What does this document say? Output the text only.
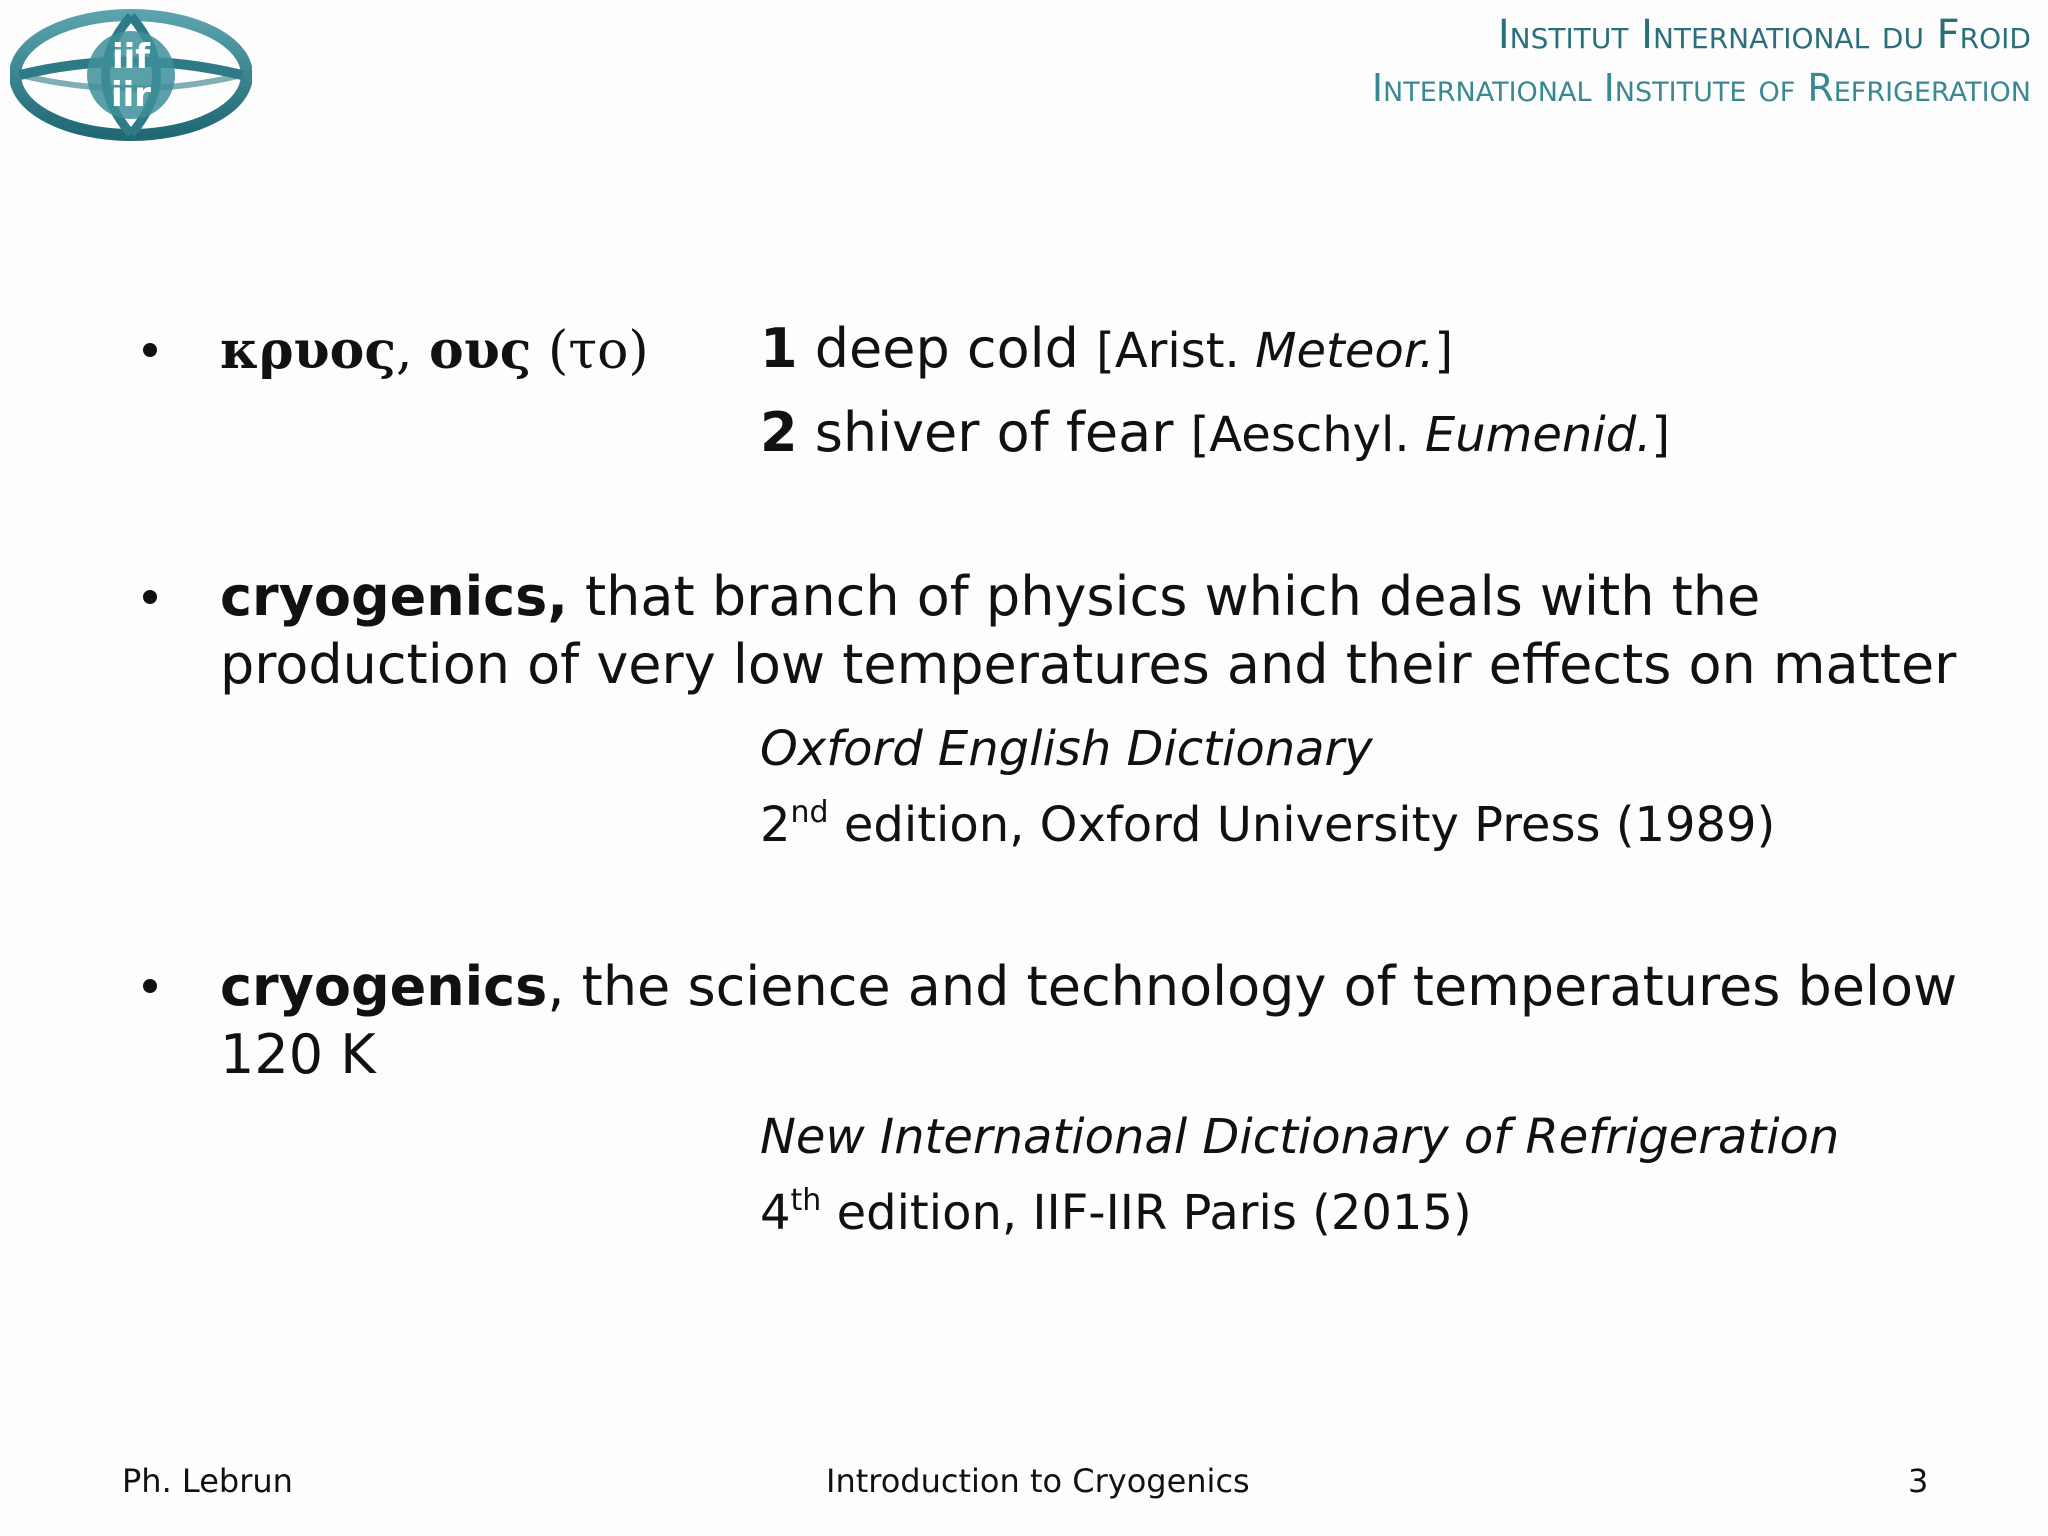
iif
iir
Institut International du Froid
International Institute of Refrigeration
κρυος, ους (το) 1 deep cold [Arist. Meteor.]
2 shiver of fear [Aeschyl. Eumenid.]
cryogenics, that branch of physics which deals with the
production of very low temperatures and their effects on matter
Oxford English Dictionary
2nd edition, Oxford University Press (1989)
cryogenics, the science and technology of temperatures below
120 K
New International Dictionary of Refrigeration
4th edition, IIF-IIR Paris (2015)
Ph. Lebrun	Introduction to Cryogenics	3
